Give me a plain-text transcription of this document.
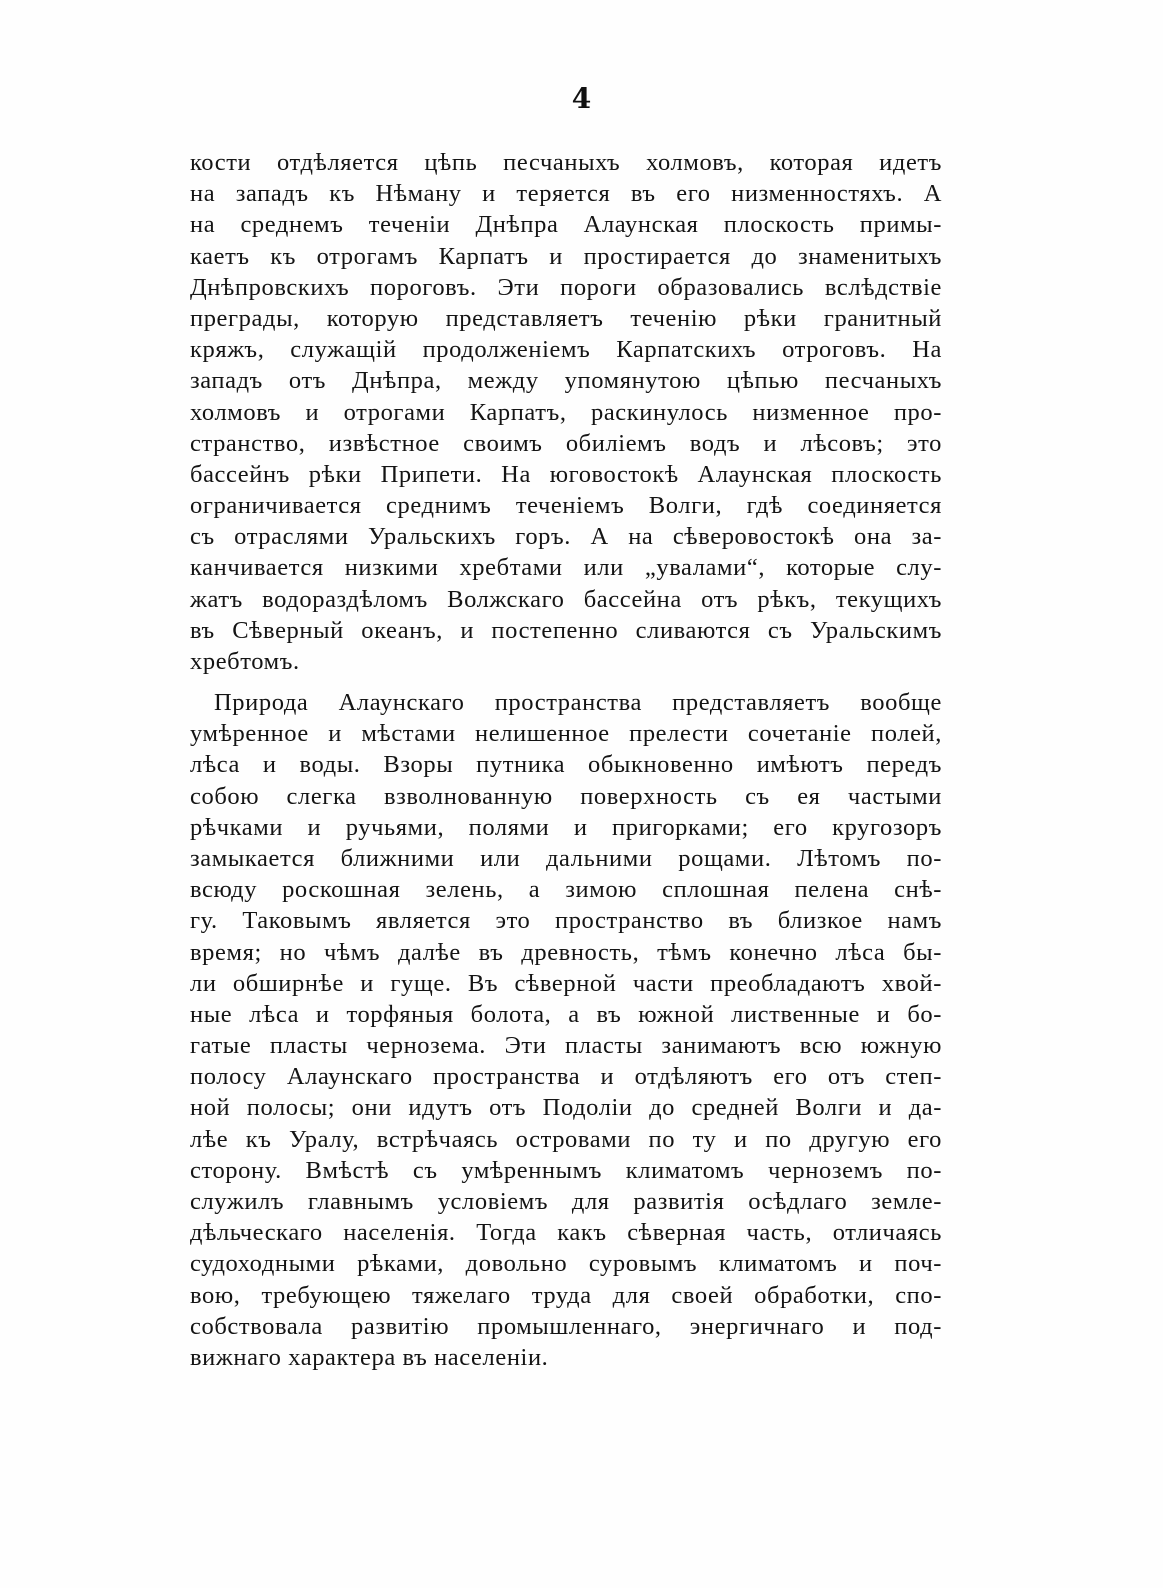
4
кости отдѣляется цѣпь песчаныхъ холмовъ, которая идетъ
на западъ къ Нѣману и теряется въ его низменностяхъ. А
на среднемъ теченіи Днѣпра Алаунская плоскость примы-
каетъ къ отрогамъ Карпатъ и простирается до знаменитыхъ
Днѣпровскихъ пороговъ. Эти пороги образовались вслѣдствіе
преграды, которую представляетъ теченію рѣки гранитный
кряжъ, служащій продолженіемъ Карпатскихъ отроговъ. На
западъ отъ Днѣпра, между упомянутою цѣпью песчаныхъ
холмовъ и отрогами Карпатъ, раскинулось низменное про-
странство, извѣстное своимъ обиліемъ водъ и лѣсовъ; это
бассейнъ рѣки Припети. На юговостокѣ Алаунская плоскость
ограничивается среднимъ теченіемъ Волги, гдѣ соединяется
съ отраслями Уральскихъ горъ. А на сѣверовостокѣ она за-
канчивается низкими хребтами или „увалами“, которые слу-
жатъ водораздѣломъ Волжскаго бассейна отъ рѣкъ, текущихъ
въ Сѣверный океанъ, и постепенно сливаются съ Уральскимъ
хребтомъ.
Природа Алаунскаго пространства представляетъ вообще
умѣренное и мѣстами нелишенное прелести сочетаніе полей,
лѣса и воды. Взоры путника обыкновенно имѣютъ передъ
собою слегка взволнованную поверхность съ ея частыми
рѣчками и ручьями, полями и пригорками; его кругозоръ
замыкается ближними или дальними рощами. Лѣтомъ по-
всюду роскошная зелень, а зимою сплошная пелена снѣ-
гу. Таковымъ является это пространство въ близкое намъ
время; но чѣмъ далѣе въ древность, тѣмъ конечно лѣса бы-
ли обширнѣе и гуще. Въ сѣверной части преобладаютъ хвой-
ные лѣса и торфяныя болота, а въ южной лиственные и бо-
гатые пласты чернозема. Эти пласты занимаютъ всю южную
полосу Алаунскаго пространства и отдѣляютъ его отъ степ-
ной полосы; они идутъ отъ Подоліи до средней Волги и да-
лѣе къ Уралу, встрѣчаясь островами по ту и по другую его
сторону. Вмѣстѣ съ умѣреннымъ климатомъ черноземъ по-
служилъ главнымъ условіемъ для развитія осѣдлаго земле-
дѣльческаго населенія. Тогда какъ сѣверная часть, отличаясь
судоходными рѣками, довольно суровымъ климатомъ и поч-
вою, требующею тяжелаго труда для своей обработки, спо-
собствовала развитію промышленнаго, энергичнаго и под-
вижнаго характера въ населеніи.
